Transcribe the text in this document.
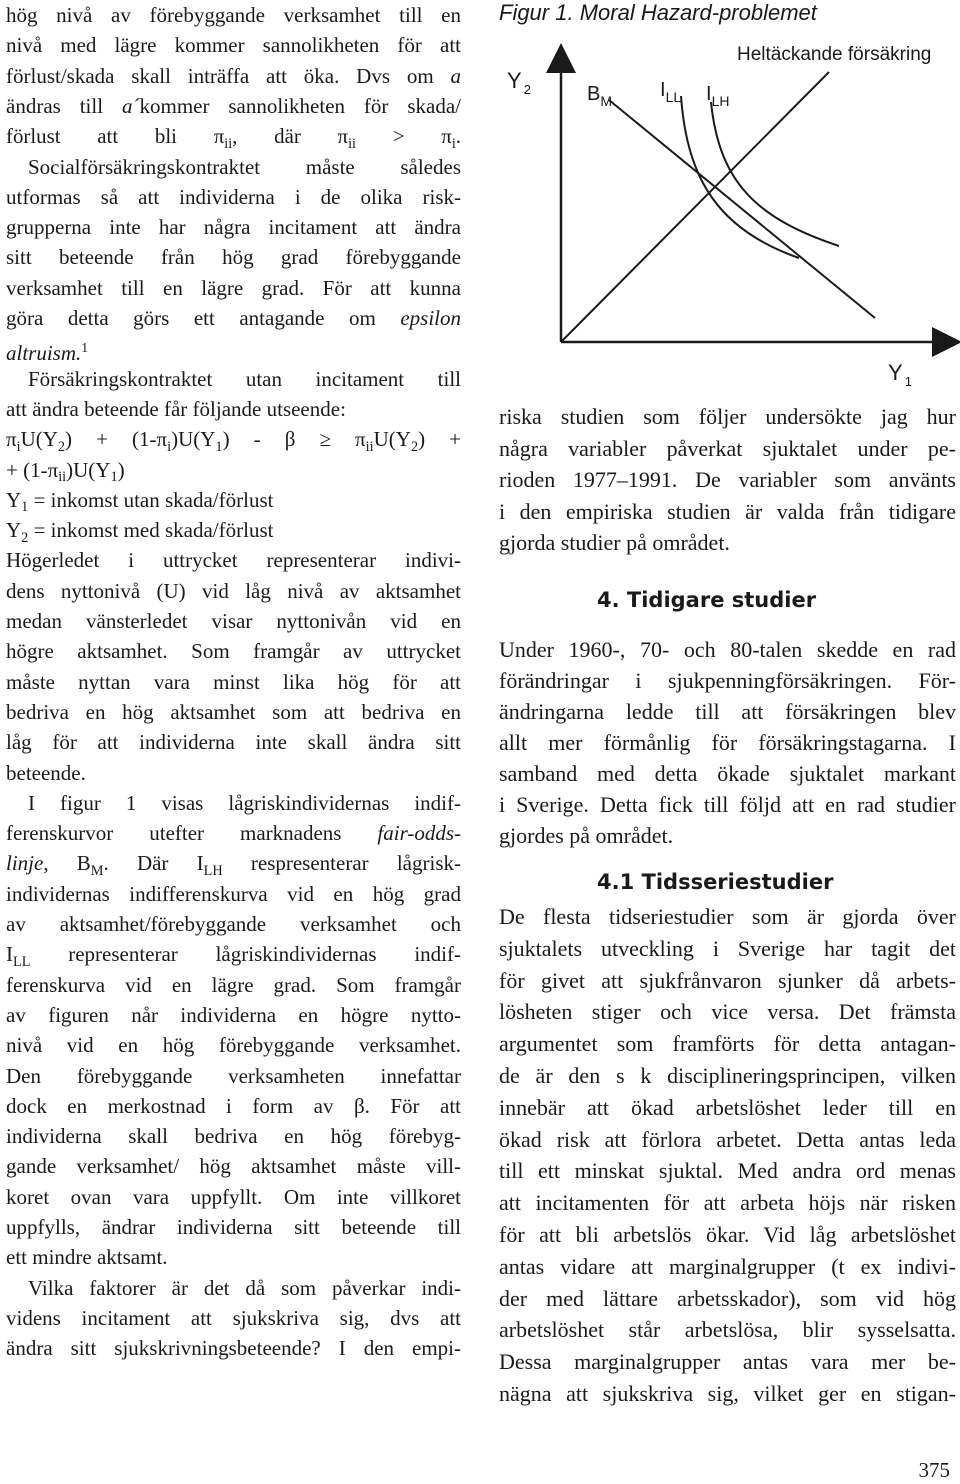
hög nivå av förebyggande verksamhet till en
nivå med lägre kommer sannolikheten för att
förlust/skada skall inträffa att öka. Dvs om a
ändras till a´kommer sannolikheten för skada/
förlust att bli $\pi_{ii}$, där $\pi_{ii} > \pi_i$.
Socialförsäkringskontraktet måste således
utformas så att individerna i de olika risk-
grupperna inte har några incitament att ändra
sitt beteende från hög grad förebyggande
verksamhet till en lägre grad. För att kunna
göra detta görs ett antagande om epsilon
altruism.$^1$
Försäkringskontraktet utan incitament till
att ändra beteende får följande utseende:
$\pi_iU(Y_2) + (1-\pi_i)U(Y_1) - \beta \ge \pi_{ii}U(Y_2)$ +
+ $(1-\pi_{ii})U(Y_1)$
$Y_1$ = inkomst utan skada/förlust
$Y_2$ = inkomst med skada/förlust
Högerledet i uttrycket representerar indivi-
dens nyttonivå (U) vid låg nivå av aktsamhet
medan vänsterledet visar nyttonivån vid en
högre aktsamhet. Som framgår av uttrycket
måste nyttan vara minst lika hög för att
bedriva en hög aktsamhet som att bedriva en
låg för att individerna inte skall ändra sitt
beteende.
I figur 1 visas lågriskindividernas indif-
ferenskurvor utefter marknadens fair-odds-
linje, $B_M$. Där $I_{LH}$ respresenterar lågrisk-
individernas indifferenskurva vid en hög grad
av aktsamhet/förebyggande verksamhet och
$I_{LL}$ representerar lågriskindividernas indif-
ferenskurva vid en lägre grad. Som framgår
av figuren når individerna en högre nytto-
nivå vid en hög förebyggande verksamhet.
Den förebyggande verksamheten innefattar
dock en merkostnad i form av β. För att
individerna skall bedriva en hög förebyg-
gande verksamhet/ hög aktsamhet måste vill-
koret ovan vara uppfyllt. Om inte villkoret
uppfylls, ändrar individerna sitt beteende till
ett mindre aktsamt.
Vilka faktorer är det då som påverkar indi-
videns incitament att sjukskriva sig, dvs att
ändra sitt sjukskrivningsbeteende? I den empi-
Figur 1. Moral Hazard-problemet
riska studien som följer undersökte jag hur
några variabler påverkat sjuktalet under pe-
rioden 1977–1991. De variabler som använts
i den empiriska studien är valda från tidigare
gjorda studier på området.
4. Tidigare studier
Under 1960-, 70- och 80-talen skedde en rad
förändringar i sjukpenningförsäkringen. För-
ändringarna ledde till att försäkringen blev
allt mer förmånlig för försäkringstagarna. I
samband med detta ökade sjuktalet markant
i Sverige. Detta fick till följd att en rad studier
gjordes på området.
4.1 Tidsseriestudier
De flesta tidseriestudier som är gjorda över
sjuktalets utveckling i Sverige har tagit det
för givet att sjukfrånvaron sjunker då arbets-
lösheten stiger och vice versa. Det främsta
argumentet som framförts för detta antagan-
de är den s k disciplineringsprincipen, vilken
innebär att ökad arbetslöshet leder till en
ökad risk att förlora arbetet. Detta antas leda
till ett minskat sjuktal. Med andra ord menas
att incitamenten för att arbeta höjs när risken
för att bli arbetslös ökar. Vid låg arbetslöshet
antas vidare att marginalgrupper (t ex indivi-
der med lättare arbetsskador), som vid hög
arbetslöshet står arbetslösa, blir sysselsatta.
Dessa marginalgrupper antas vara mer be-
nägna att sjukskriva sig, vilket ger en stigan-
Heltäckande försäkring
Y $_2$	$B_M$ $I_{LL}$ $I_{LH}$
Y $_1$
375
